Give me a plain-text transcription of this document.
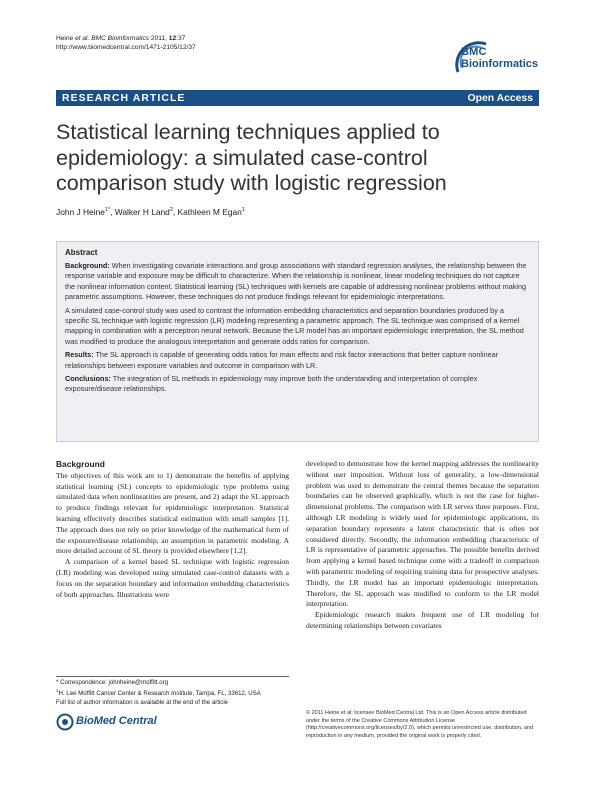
Heine et al. BMC Bioinformatics 2011, 12:37
http://www.biomedcentral.com/1471-2105/12/37	BMC
Bioinformatics
RESEARCH ARTICLE	Open Access
Statistical learning techniques applied to epidemiology: a simulated case-control comparison study with logistic regression
John J Heine$^{1*}$, Walker H Land$^2$, Kathleen M Egan$^1$
Abstract

Background: When investigating covariate interactions and group associations with standard regression analyses, the relationship between the response variable and exposure may be difficult to characterize. When the relationship is nonlinear, linear modeling techniques do not capture the nonlinear information content. Statistical learning (SL) techniques with kernels are capable of addressing nonlinear problems without making parametric assumptions. However, these techniques do not produce findings relevant for epidemiologic interpretations.

A simulated case-control study was used to contrast the information embedding characteristics and separation boundaries produced by a specific SL technique with logistic regression (LR) modeling representing a parametric approach. The SL technique was comprised of a kernel mapping in combination with a perceptron neural network. Because the LR model has an important epidemiologic interpretation, the SL method was modified to produce the analogous interpretation and generate odds ratios for comparison.

Results: The SL approach is capable of generating odds ratios for main effects and risk factor interactions that better capture nonlinear relationships between exposure variables and outcome in comparison with LR.

Conclusions: The integration of SL methods in epidemiology may improve both the understanding and interpretation of complex exposure/disease relationships.

Background

The objectives of this work are to 1) demonstrate the benefits of applying statistical learning (SL) concepts to epidemiologic type problems using simulated data when nonlinearities are present, and 2) adapt the SL approach to produce findings relevant for epidemiologic interpretation. Statistical learning effectively describes statistical estimation with small samples [1]. The approach does not rely on prior knowledge of the mathematical form of the exposure/disease relationship, an assumption in parametric modeling. A more detailed account of SL theory is provided elsewhere [1,2].

A comparison of a kernel based SL technique with logistic regression (LR) modeling was developed using simulated case-control datasets with a focus on the separation boundary and information embedding characteristics of both approaches. Illustrations were

developed to demonstrate how the kernel mapping addresses the nonlinearity without user imposition. Without loss of generality, a low-dimensional problem was used to demonstrate the central themes because the separation boundaries can be observed graphically, which is not the case for higher-dimensional problems. The comparison with LR serves three purposes. First, although LR modeling is widely used for epidemiologic applications, its separation boundary represents a latent characteristic that is often not considered directly. Secondly, the information embedding characteristic of LR is representative of parametric approaches. The possible benefits derived from applying a kernel based technique come with a tradeoff in comparison with parametric modeling of requiring training data for prospective analyses. Thirdly, the LR model has an important epidemiologic interpretation. Therefore, the SL approach was modified to conform to the LR model interpretation.

Epidemiologic research makes frequent use of LR modeling for determining relationships between covariates

* Correspondence: johnheine@moffitt.org
$^1$H. Lee Moffitt Cancer Center & Research Institute, Tampa, FL, 33612, USA
Full list of author information is available at the end of the article
BioMed Central
© 2011 Heine et al; licensee BioMed Central Ltd. This is an Open Access article distributed under the terms of the Creative Commons Attribution License (http://creativecommons.org/licenses/by/2.0), which permits unrestricted use, distribution, and reproduction in any medium, provided the original work is properly cited.
